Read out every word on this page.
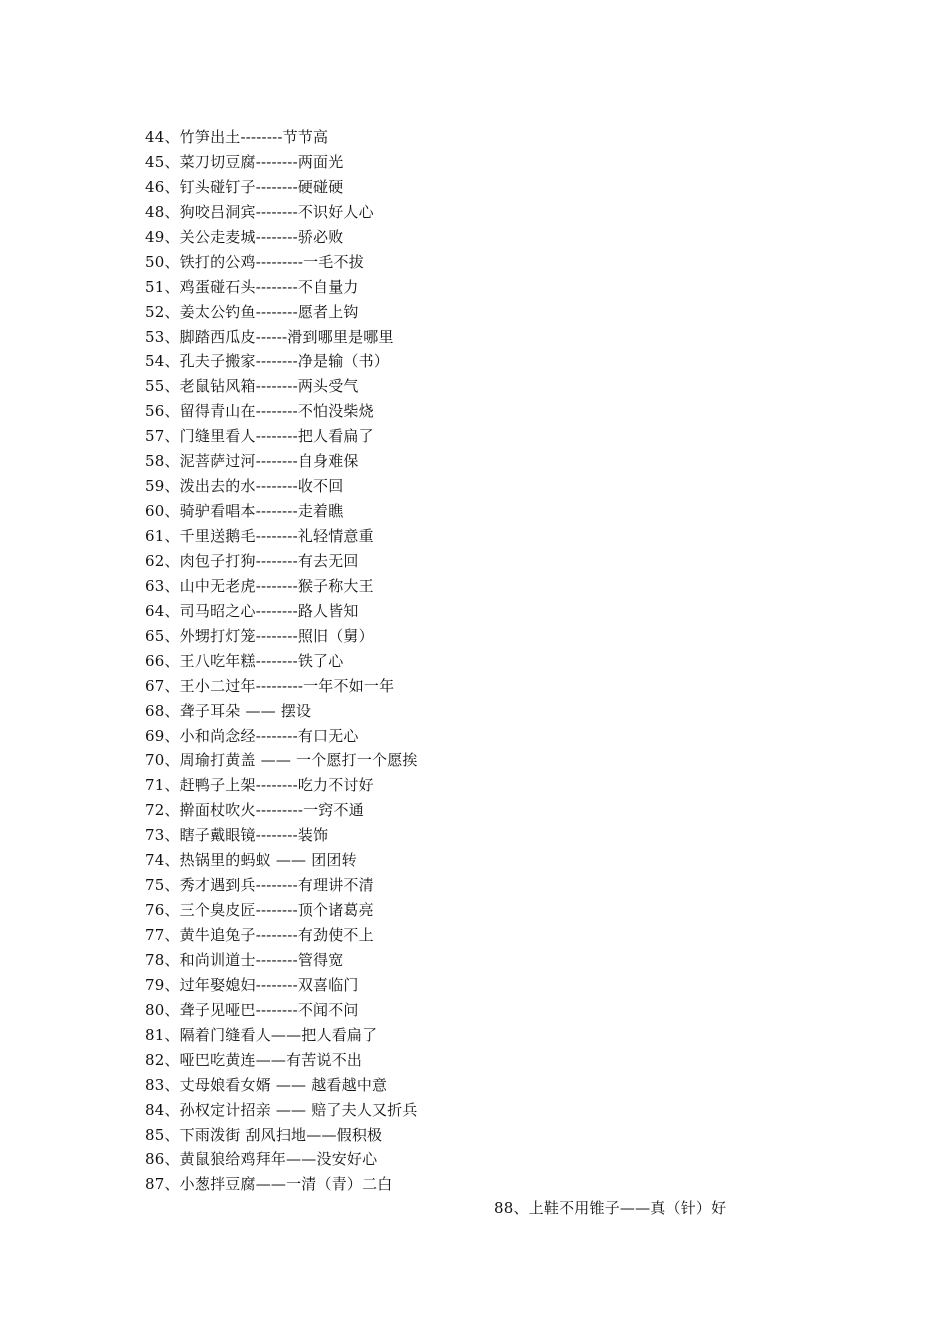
44、竹笋出土--------节节高
45、菜刀切豆腐--------两面光
46、钉头碰钉子--------硬碰硬
48、狗咬吕洞宾--------不识好人心
49、关公走麦城--------骄必败
50、铁打的公鸡---------一毛不拔
51、鸡蛋碰石头--------不自量力
52、姜太公钓鱼--------愿者上钩
53、脚踏西瓜皮------滑到哪里是哪里
54、孔夫子搬家--------净是输（书）
55、老鼠钻风箱--------两头受气
56、留得青山在--------不怕没柴烧
57、门缝里看人--------把人看扁了
58、泥菩萨过河--------自身难保
59、泼出去的水--------收不回
60、骑驴看唱本--------走着瞧
61、千里送鹅毛--------礼轻情意重
62、肉包子打狗--------有去无回
63、山中无老虎--------猴子称大王
64、司马昭之心--------路人皆知
65、外甥打灯笼--------照旧（舅）
66、王八吃年糕--------铁了心
67、王小二过年---------一年不如一年
68、聋子耳朵 —— 摆设
69、小和尚念经--------有口无心
70、周瑜打黄盖 —— 一个愿打一个愿挨
71、赶鸭子上架--------吃力不讨好
72、擀面杖吹火---------一窍不通
73、瞎子戴眼镜--------装饰
74、热锅里的蚂蚁 —— 团团转
75、秀才遇到兵--------有理讲不清
76、三个臭皮匠--------顶个诸葛亮
77、黄牛追兔子--------有劲使不上
78、和尚训道士--------管得宽
79、过年娶媳妇--------双喜临门
80、聋子见哑巴--------不闻不问
81、隔着门缝看人——把人看扁了
82、哑巴吃黄连——有苦说不出
83、丈母娘看女婿 —— 越看越中意
84、孙权定计招亲 —— 赔了夫人又折兵
85、下雨泼街 刮风扫地——假积极
86、黄鼠狼给鸡拜年——没安好心
87、小葱拌豆腐——一清（青）二白
88、上鞋不用锥子——真（针）好
